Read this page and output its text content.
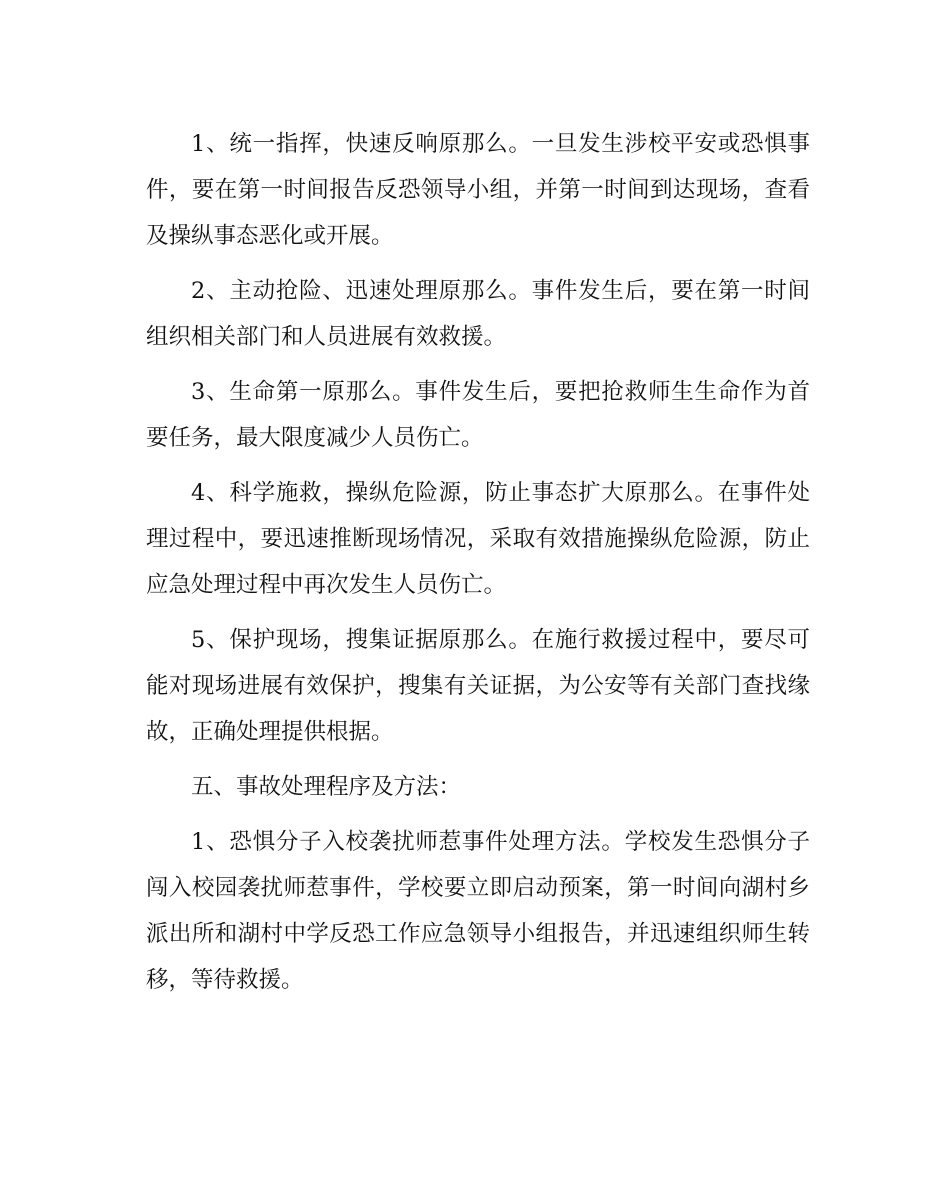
1、统一指挥，快速反响原那么。一旦发生涉校平安或恐惧事件，要在第一时间报告反恐领导小组，并第一时间到达现场，查看及操纵事态恶化或开展。

2、主动抢险、迅速处理原那么。事件发生后，要在第一时间组织相关部门和人员进展有效救援。

3、生命第一原那么。事件发生后，要把抢救师生生命作为首要任务，最大限度减少人员伤亡。

4、科学施救，操纵危险源，防止事态扩大原那么。在事件处理过程中，要迅速推断现场情况，采取有效措施操纵危险源，防止应急处理过程中再次发生人员伤亡。

5、保护现场，搜集证据原那么。在施行救援过程中，要尽可能对现场进展有效保护，搜集有关证据，为公安等有关部门查找缘故，正确处理提供根据。

五、事故处理程序及方法：

1、恐惧分子入校袭扰师惹事件处理方法。学校发生恐惧分子闯入校园袭扰师惹事件，学校要立即启动预案，第一时间向湖村乡派出所和湖村中学反恐工作应急领导小组报告，并迅速组织师生转移，等待救援。
